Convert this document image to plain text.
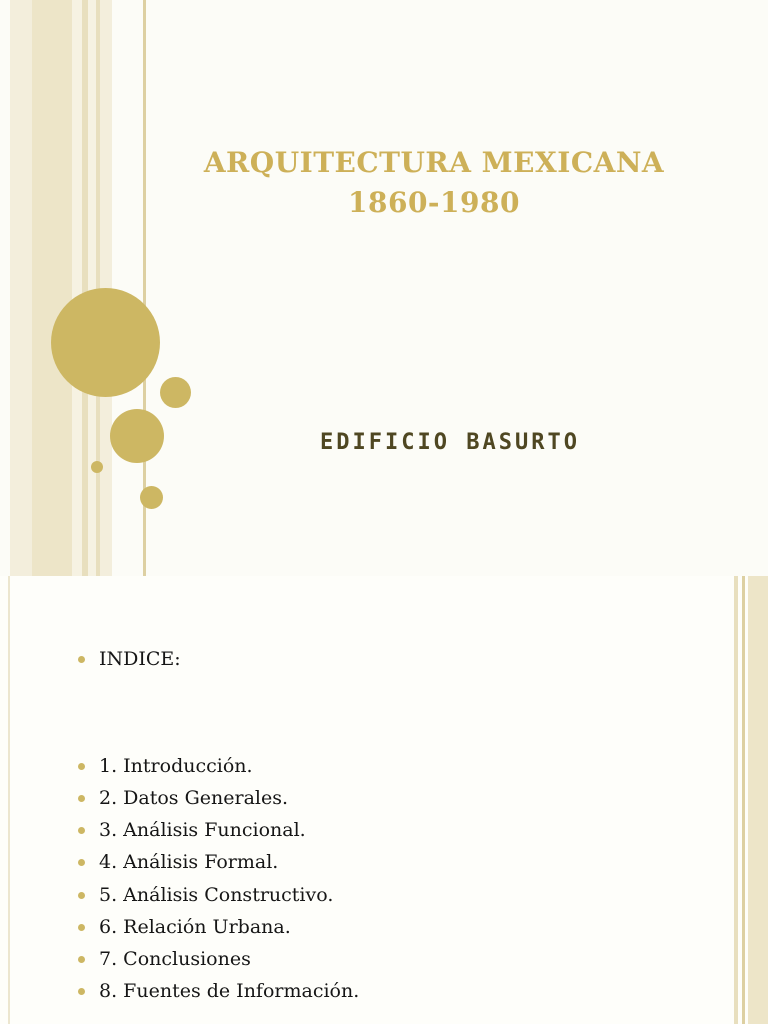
ARQUITECTURA MEXICANA
1860-1980
EDIFICIO BASURTO
INDICE:
1. Introducción.
2. Datos Generales.
3. Análisis Funcional.
4. Análisis Formal.
5. Análisis Constructivo.
6. Relación Urbana.
7. Conclusiones
8. Fuentes de Información.
